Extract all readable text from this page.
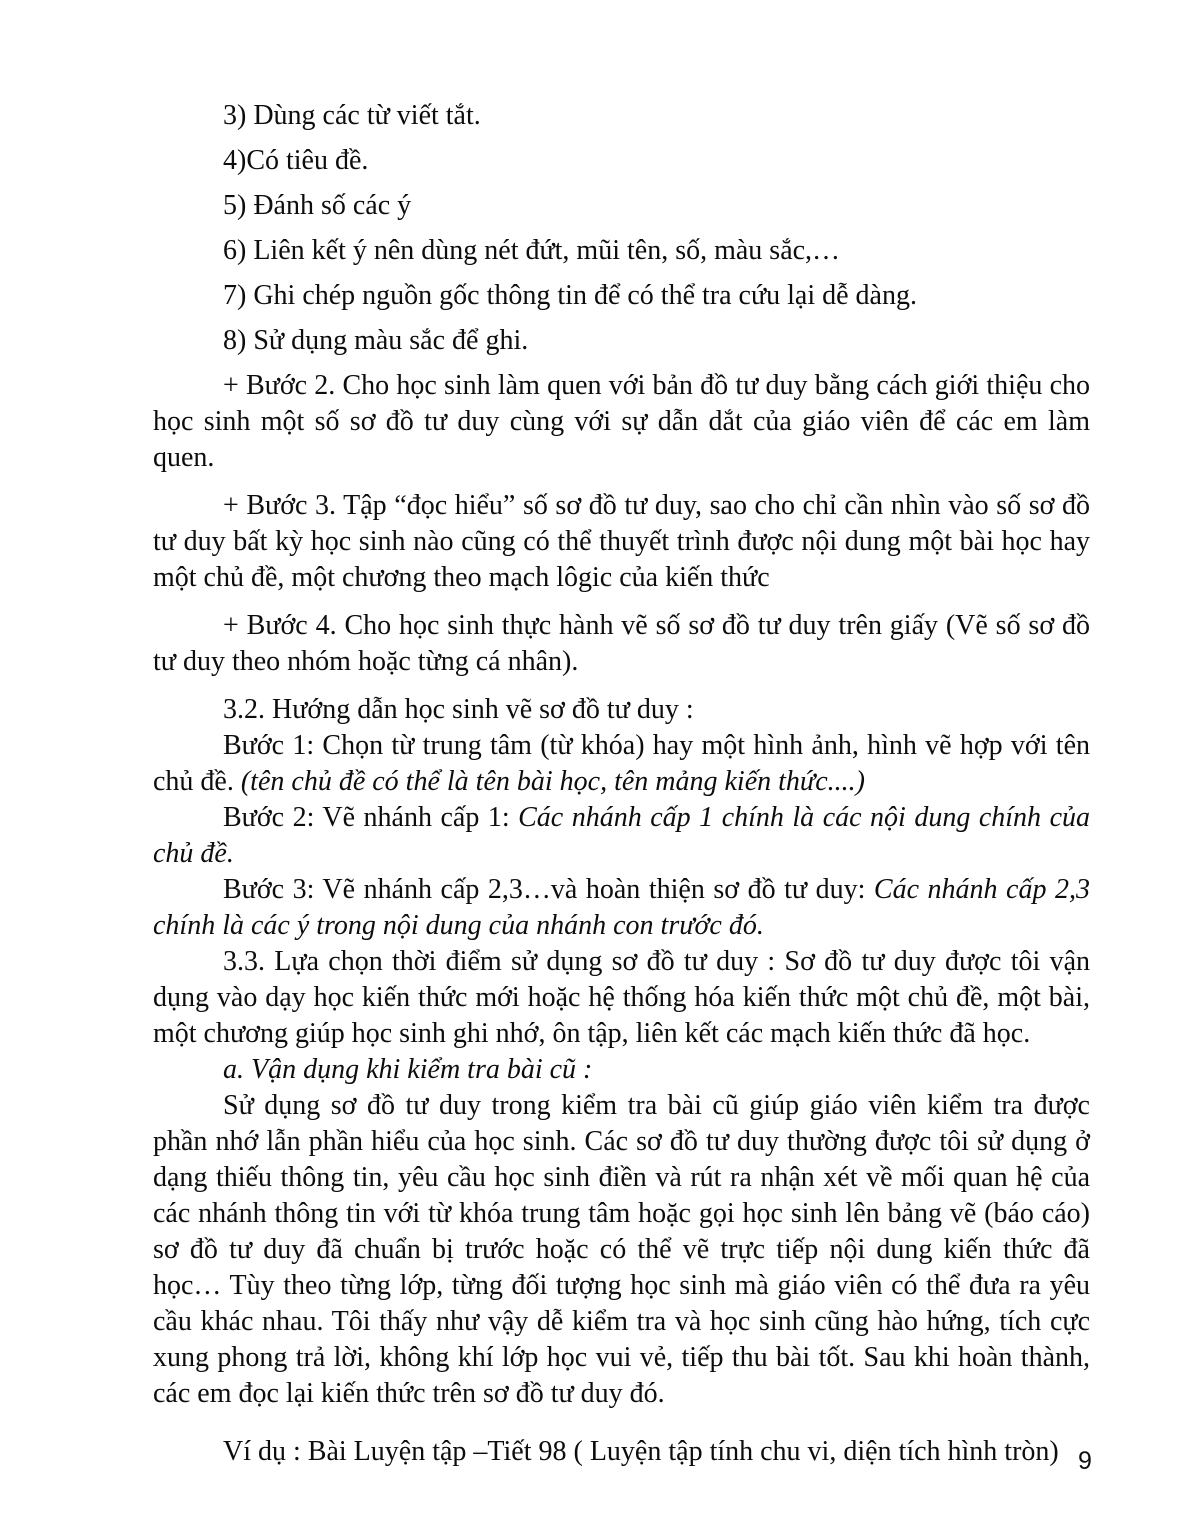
3) Dùng các từ viết tắt.

4)Có tiêu đề.

5) Đánh số các ý

6) Liên kết ý nên dùng nét đứt, mũi tên, số, màu sắc,…

7) Ghi chép nguồn gốc thông tin để có thể tra cứu lại dễ dàng.

8) Sử dụng màu sắc để ghi.

+ Bước 2. Cho học sinh làm quen với bản đồ tư duy bằng cách giới thiệu cho học sinh một số sơ đồ tư duy cùng với sự dẫn dắt của giáo viên để các em làm quen.

+ Bước 3. Tập “đọc hiểu” số sơ đồ tư duy, sao cho chỉ cần nhìn vào số sơ đồ tư duy bất kỳ học sinh nào cũng có thể thuyết trình được nội dung một bài học hay một chủ đề, một chương theo mạch lôgic của kiến thức

+ Bước 4. Cho học sinh thực hành vẽ số sơ đồ tư duy trên giấy (Vẽ số sơ đồ tư duy theo nhóm hoặc từng cá nhân).

3.2. Hướng dẫn học sinh vẽ sơ đồ tư duy :

Bước 1: Chọn từ trung tâm (từ khóa) hay một hình ảnh, hình vẽ hợp với tên chủ đề. (tên chủ đề có thể là tên bài học, tên mảng kiến thức....)

Bước 2: Vẽ nhánh cấp 1: Các nhánh cấp 1 chính là các nội dung chính của chủ đề.

Bước 3: Vẽ nhánh cấp 2,3…và hoàn thiện sơ đồ tư duy: Các nhánh cấp 2,3 chính là các ý trong nội dung của nhánh con trước đó.

3.3. Lựa chọn thời điểm sử dụng sơ đồ tư duy : Sơ đồ tư duy được tôi vận dụng vào dạy học kiến thức mới hoặc hệ thống hóa kiến thức một chủ đề, một bài, một chương giúp học sinh ghi nhớ, ôn tập, liên kết các mạch kiến thức đã học.

a. Vận dụng khi kiểm tra bài cũ :

Sử dụng sơ đồ tư duy trong kiểm tra bài cũ giúp giáo viên kiểm tra được phần nhớ lẫn phần hiểu của học sinh. Các sơ đồ tư duy thường được tôi sử dụng ở dạng thiếu thông tin, yêu cầu học sinh điền và rút ra nhận xét về mối quan hệ của các nhánh thông tin với từ khóa trung tâm hoặc gọi học sinh lên bảng vẽ (báo cáo) sơ đồ tư duy đã chuẩn bị trước hoặc có thể vẽ trực tiếp nội dung kiến thức đã học… Tùy theo từng lớp, từng đối tượng học sinh mà giáo viên có thể đưa ra yêu cầu khác nhau. Tôi thấy như vậy dễ kiểm tra và học sinh cũng hào hứng, tích cực xung phong trả lời, không khí lớp học vui vẻ, tiếp thu bài tốt. Sau khi hoàn thành, các em đọc lại kiến thức trên sơ đồ tư duy đó.

Ví dụ : Bài Luyện tập –Tiết 98 ( Luyện tập tính chu vi, diện tích hình tròn) 9
